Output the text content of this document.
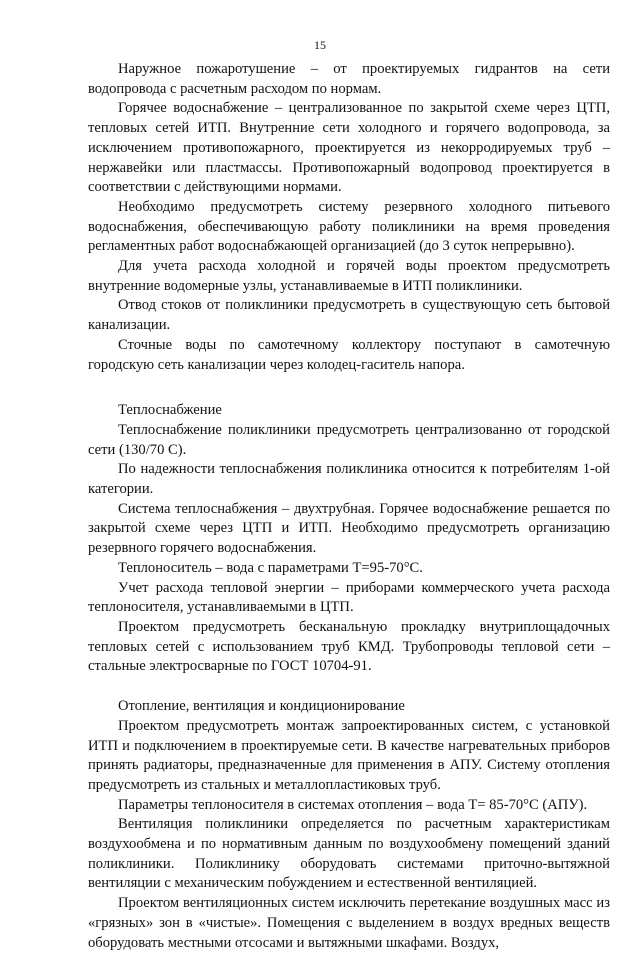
15

Наружное пожаротушение – от проектируемых гидрантов на сети водопровода с расчетным расходом по нормам.

Горячее водоснабжение – централизованное по закрытой схеме через ЦТП, тепловых сетей ИТП. Внутренние сети холодного и горячего водопровода, за исключением противопожарного, проектируется из некорродируемых труб – нержавейки или пластмассы. Противопожарный водопровод проектируется в соответствии с действующими нормами.

Необходимо предусмотреть систему резервного холодного питьевого водоснабжения, обеспечивающую работу поликлиники на время проведения регламентных работ водоснабжающей организацией (до 3 суток непрерывно).

Для учета расхода холодной и горячей воды проектом предусмотреть внутренние водомерные узлы, устанавливаемые в ИТП поликлиники.

Отвод стоков от поликлиники предусмотреть в существующую сеть бытовой канализации.

Сточные воды по самотечному коллектору поступают в самотечную городскую сеть канализации через колодец-гаситель напора.

Теплоснабжение

Теплоснабжение поликлиники предусмотреть централизованно от городской сети (130/70 С).

По надежности теплоснабжения поликлиника относится к потребителям 1-ой категории.

Система теплоснабжения – двухтрубная. Горячее водоснабжение решается по закрытой схеме через ЦТП и ИТП. Необходимо предусмотреть организацию резервного горячего водоснабжения.

Теплоноситель – вода с параметрами Т=95-70°С.

Учет расхода тепловой энергии – приборами коммерческого учета расхода теплоносителя, устанавливаемыми в ЦТП.

Проектом предусмотреть бесканальную прокладку внутриплощадочных тепловых сетей с использованием труб КМД. Трубопроводы тепловой сети – стальные электросварные по ГОСТ 10704-91.

Отопление, вентиляция и кондиционирование

Проектом предусмотреть монтаж запроектированных систем, с установкой ИТП и подключением в проектируемые сети. В качестве нагревательных приборов принять радиаторы, предназначенные для применения в АПУ. Систему отопления предусмотреть из стальных и металлопластиковых труб.

Параметры теплоносителя в системах отопления – вода Т= 85-70°С (АПУ).

Вентиляция поликлиники определяется по расчетным характеристикам воздухообмена и по нормативным данным по воздухообмену помещений зданий поликлиники. Поликлинику оборудовать системами приточно-вытяжной вентиляции с механическим побуждением и естественной вентиляцией.

Проектом вентиляционных систем исключить перетекание воздушных масс из «грязных» зон в «чистые». Помещения с выделением в воздух вредных веществ оборудовать местными отсосами и вытяжными шкафами. Воздух,
